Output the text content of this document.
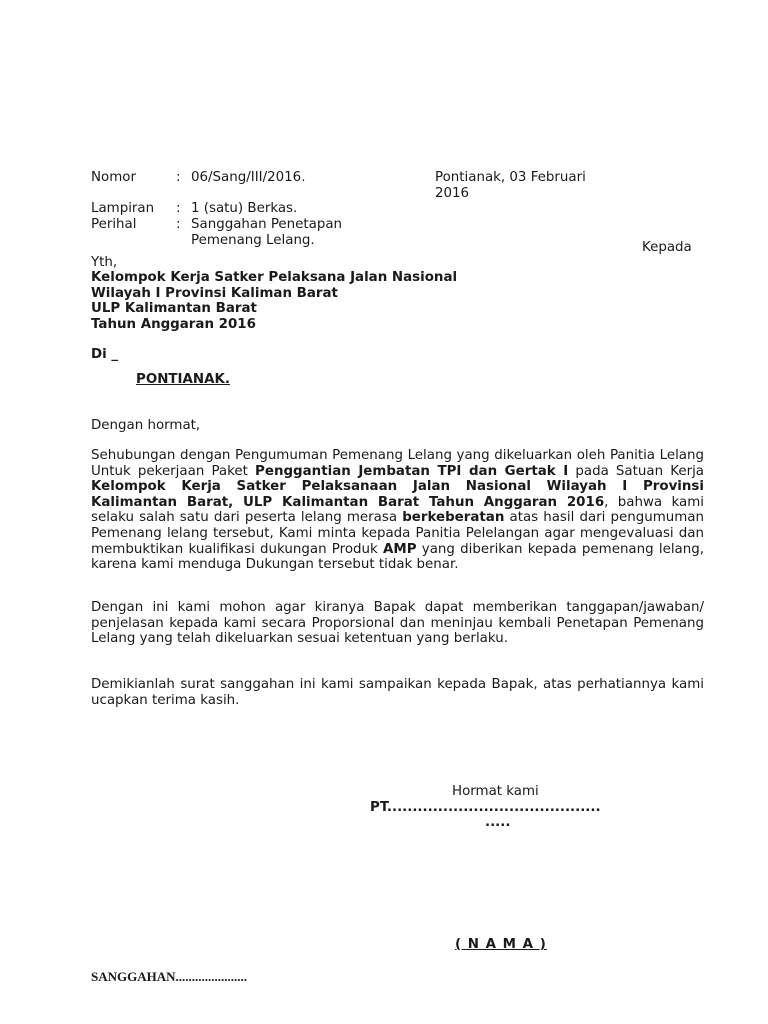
Nomor	: 06/Sang/III/2016.	Pontianak, 03 Februari
2016
Lampiran : 1 (satu) Berkas.
Perihal	: Sanggahan Penetapan
Pemenang Lelang.	Kepada
Yth,
Kelompok Kerja Satker Pelaksana Jalan Nasional
Wilayah I Provinsi Kaliman Barat
ULP Kalimantan Barat
Tahun Anggaran 2016
Di _
PONTIANAK.
Dengan hormat,
Sehubungan dengan Pengumuman Pemenang Lelang yang dikeluarkan oleh Panitia Lelang Untuk pekerjaan Paket Penggantian Jembatan TPI dan Gertak I pada Satuan Kerja Kelompok Kerja Satker Pelaksanaan Jalan Nasional Wilayah I Provinsi Kalimantan Barat, ULP Kalimantan Barat Tahun Anggaran 2016, bahwa kami selaku salah satu dari peserta lelang merasa berkeberatan atas hasil dari pengumuman Pemenang lelang tersebut, Kami minta kepada Panitia Pelelangan agar mengevaluasi dan membuktikan kualifikasi dukungan Produk AMP yang diberikan kepada pemenang lelang, karena kami menduga Dukungan tersebut tidak benar.
Dengan ini kami mohon agar kiranya Bapak dapat memberikan tanggapan/jawaban/ penjelasan kepada kami secara Proporsional dan meninjau kembali Penetapan Pemenang Lelang yang telah dikeluarkan sesuai ketentuan yang berlaku.
Demikianlah surat sanggahan ini kami sampaikan kepada Bapak, atas perhatiannya kami ucapkan terima kasih.
Hormat kami
PT..........................................
.....
( N A M A )
SANGGAHAN......................
